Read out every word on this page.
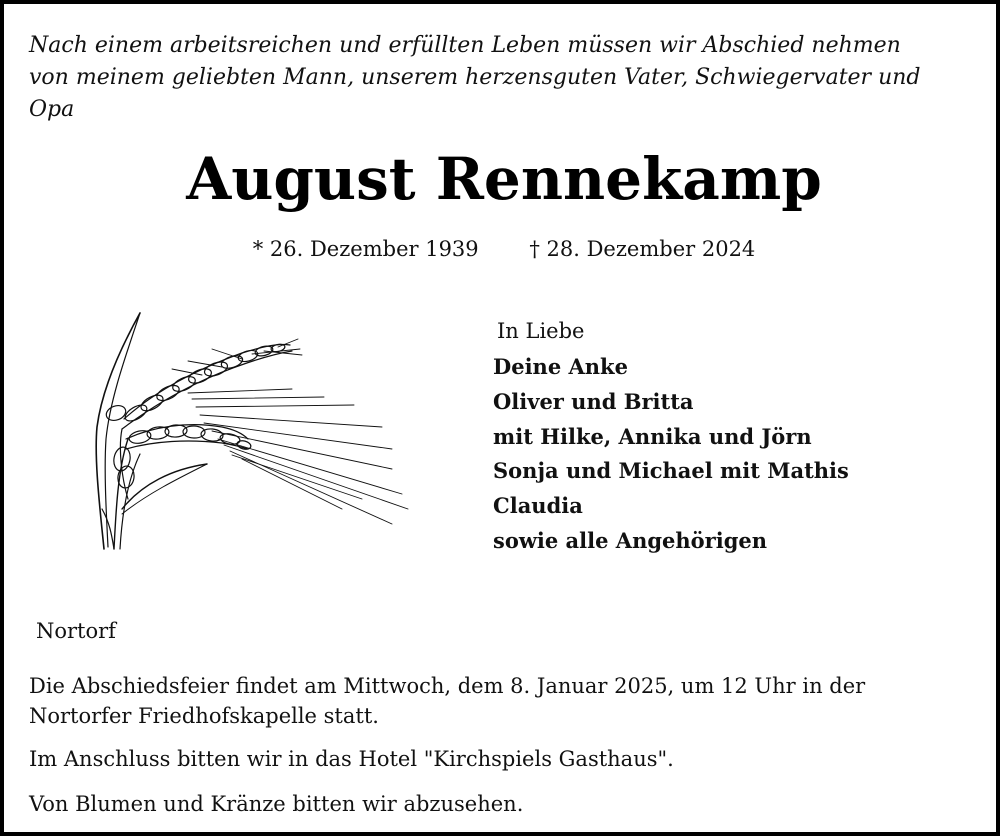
Nach einem arbeitsreichen und erfüllten Leben müssen wir Abschied nehmen
von meinem geliebten Mann, unserem herzensguten Vater, Schwiegervater und
Opa
August Rennekamp
* 26. Dezember 1939 † 28. Dezember 2024
In Liebe
Deine Anke
Oliver und Britta
mit Hilke, Annika und Jörn
Sonja und Michael mit Mathis
Claudia
sowie alle Angehörigen
Nortorf
Die Abschiedsfeier findet am Mittwoch, dem 8. Januar 2025, um 12 Uhr in der
Nortorfer Friedhofskapelle statt.
Im Anschluss bitten wir in das Hotel "Kirchspiels Gasthaus".
Von Blumen und Kränze bitten wir abzusehen.
